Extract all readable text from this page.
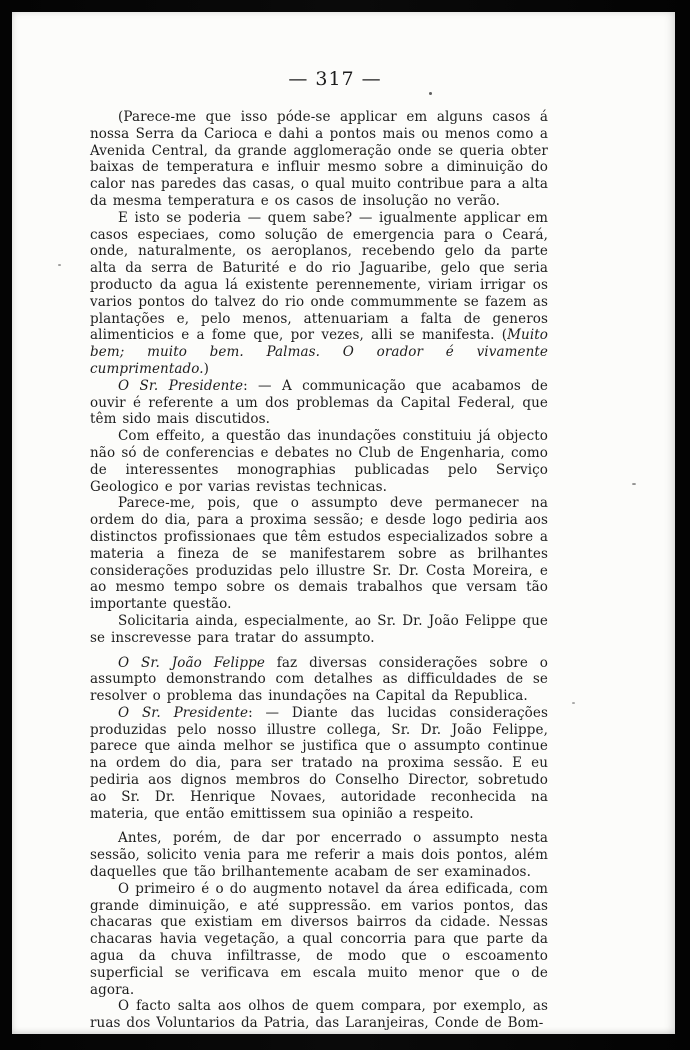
— 317 —

(Parece-me que isso póde-se applicar em alguns casos á nossa Serra da Carioca e dahi a pontos mais ou menos como a Avenida Central, da grande agglomeração onde se queria obter baixas de temperatura e influir mesmo sobre a diminuição do calor nas paredes das casas, o qual muito contribue para a alta da mesma temperatura e os casos de insolução no verão.

E isto se poderia — quem sabe? — igualmente applicar em casos especiaes, como solução de emergencia para o Ceará, onde, naturalmente, os aeroplanos, recebendo gelo da parte alta da serra de Baturité e do rio Jaguaribe, gelo que seria producto da agua lá existente perennemente, viriam irrigar os varios pontos do talvez do rio onde commummente se fazem as plantações e, pelo menos, attenuariam a falta de generos alimenticios e a fome que, por vezes, alli se manifesta. (Muito bem; muito bem. Palmas. O orador é vivamente cumprimentado.)

O Sr. Presidente: — A communicação que acabamos de ouvir é referente a um dos problemas da Capital Federal, que têm sido mais discutidos.

Com effeito, a questão das inundações constituiu já objecto não só de conferencias e debates no Club de Engenharia, como de interessentes monographias publicadas pelo Serviço Geologico e por varias revistas technicas.

Parece-me, pois, que o assumpto deve permanecer na ordem do dia, para a proxima sessão; e desde logo pediria aos distinctos profissionaes que têm estudos especializados sobre a materia a fineza de se manifestarem sobre as brilhantes considerações produzidas pelo illustre Sr. Dr. Costa Moreira, e ao mesmo tempo sobre os demais trabalhos que versam tão importante questão.

Solicitaria ainda, especialmente, ao Sr. Dr. João Felippe que se inscrevesse para tratar do assumpto.

O Sr. João Felippe faz diversas considerações sobre o assumpto demonstrando com detalhes as difficuldades de se resolver o problema das inundações na Capital da Republica.

O Sr. Presidente: — Diante das lucidas considerações produzidas pelo nosso illustre collega, Sr. Dr. João Felippe, parece que ainda melhor se justifica que o assumpto continue na ordem do dia, para ser tratado na proxima sessão. E eu pediria aos dignos membros do Conselho Director, sobretudo ao Sr. Dr. Henrique Novaes, autoridade reconhecida na materia, que então emittissem sua opinião a respeito.

Antes, porém, de dar por encerrado o assumpto nesta sessão, solicito venia para me referir a mais dois pontos, além daquelles que tão brilhantemente acabam de ser examinados.

O primeiro é o do augmento notavel da área edificada, com grande diminuição, e até suppressão. em varios pontos, das chacaras que existiam em diversos bairros da cidade. Nessas chacaras havia vegetação, a qual concorria para que parte da agua da chuva infiltrasse, de modo que o escoamento superficial se verificava em escala muito menor que o de agora.

O facto salta aos olhos de quem compara, por exemplo, as ruas dos Voluntarios da Patria, das Laranjeiras, Conde de Bom-
